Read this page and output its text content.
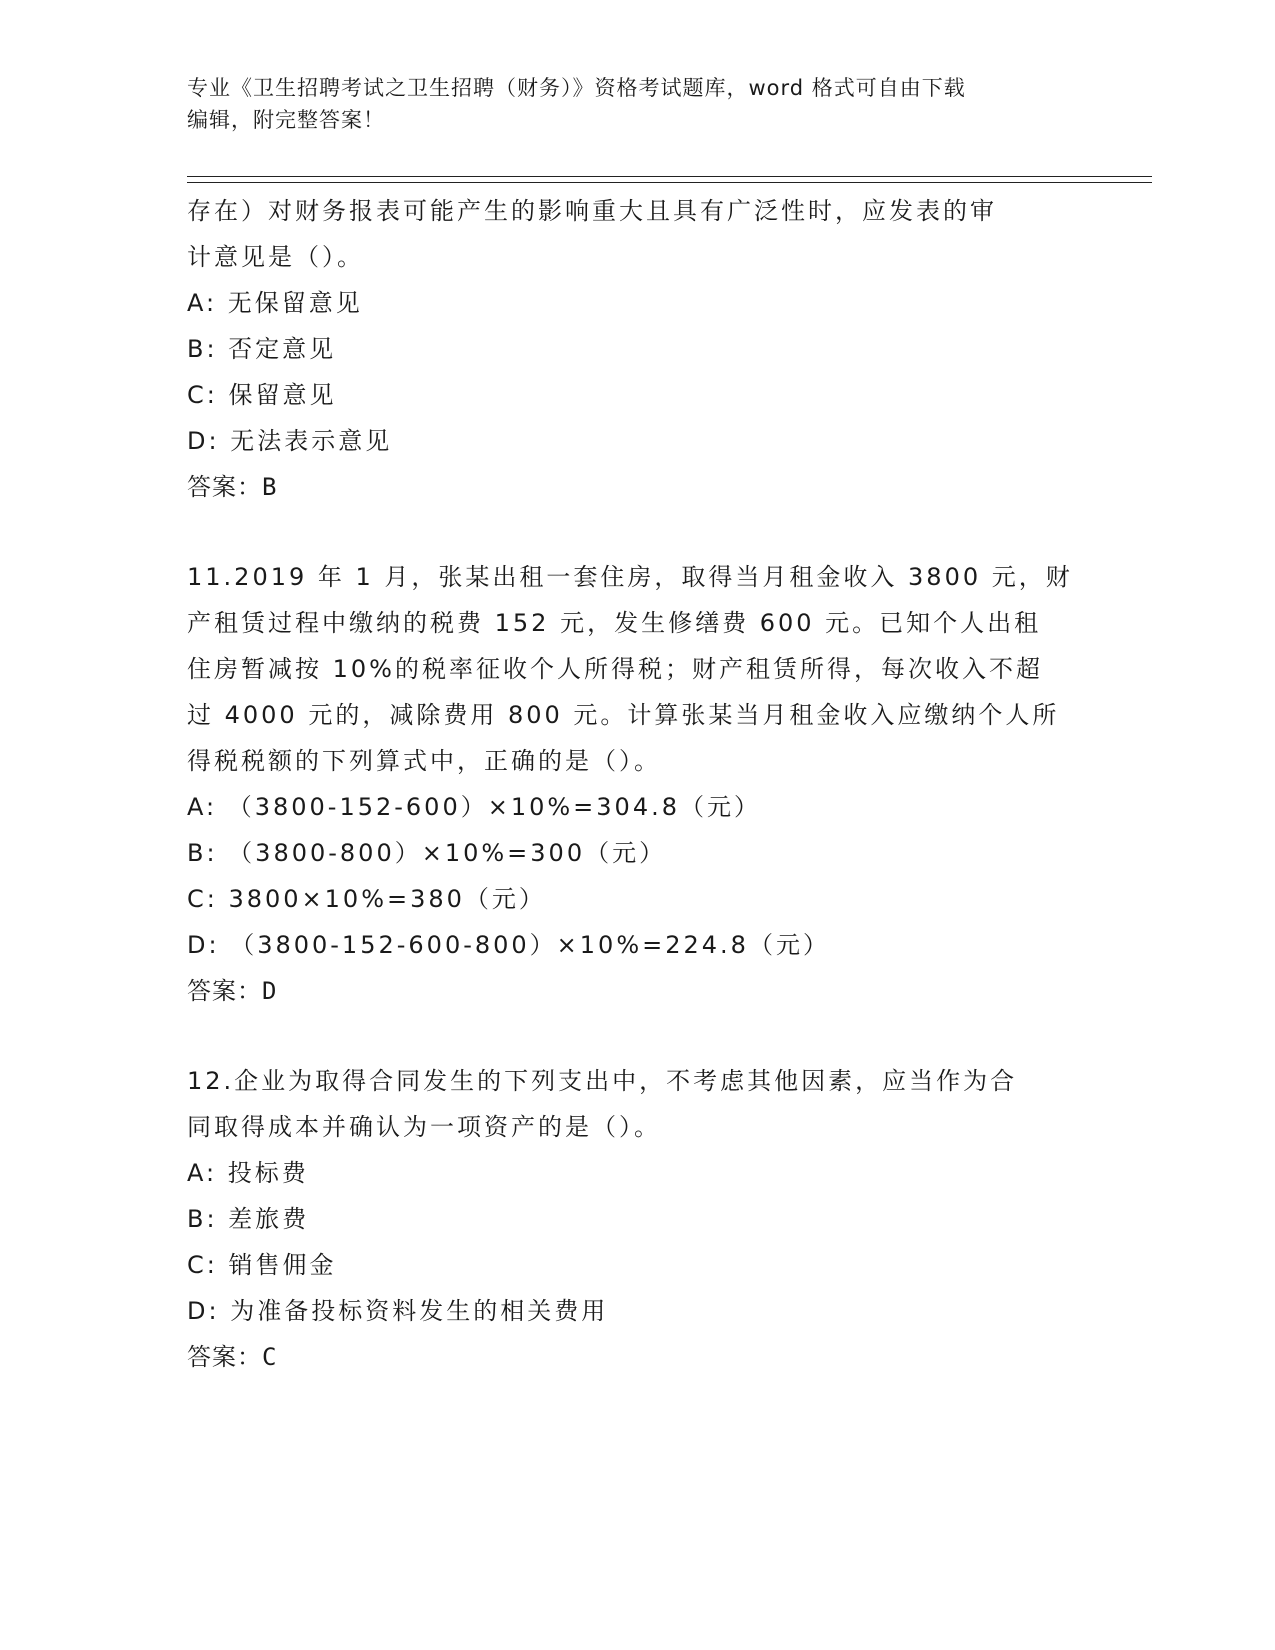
专业《卫生招聘考试之卫生招聘（财务）》资格考试题库，word 格式可自由下载
编辑，附完整答案！
存在）对财务报表可能产生的影响重大且具有广泛性时，应发表的审
计意见是（）。
A: 无保留意见
B: 否定意见
C: 保留意见
D: 无法表示意见
答案：B
11.2019 年 1 月，张某出租一套住房，取得当月租金收入 3800 元，财
产租赁过程中缴纳的税费 152 元，发生修缮费 600 元。已知个人出租
住房暂减按 10%的税率征收个人所得税；财产租赁所得，每次收入不超
过 4000 元的，减除费用 800 元。计算张某当月租金收入应缴纳个人所
得税税额的下列算式中，正确的是（）。
A: （3800-152-600）×10%=304.8（元）
B: （3800-800）×10%=300（元）
C: 3800×10%=380（元）
D: （3800-152-600-800）×10%=224.8（元）
答案：D
12.企业为取得合同发生的下列支出中，不考虑其他因素，应当作为合
同取得成本并确认为一项资产的是（）。
A: 投标费
B: 差旅费
C: 销售佣金
D: 为准备投标资料发生的相关费用
答案：C
